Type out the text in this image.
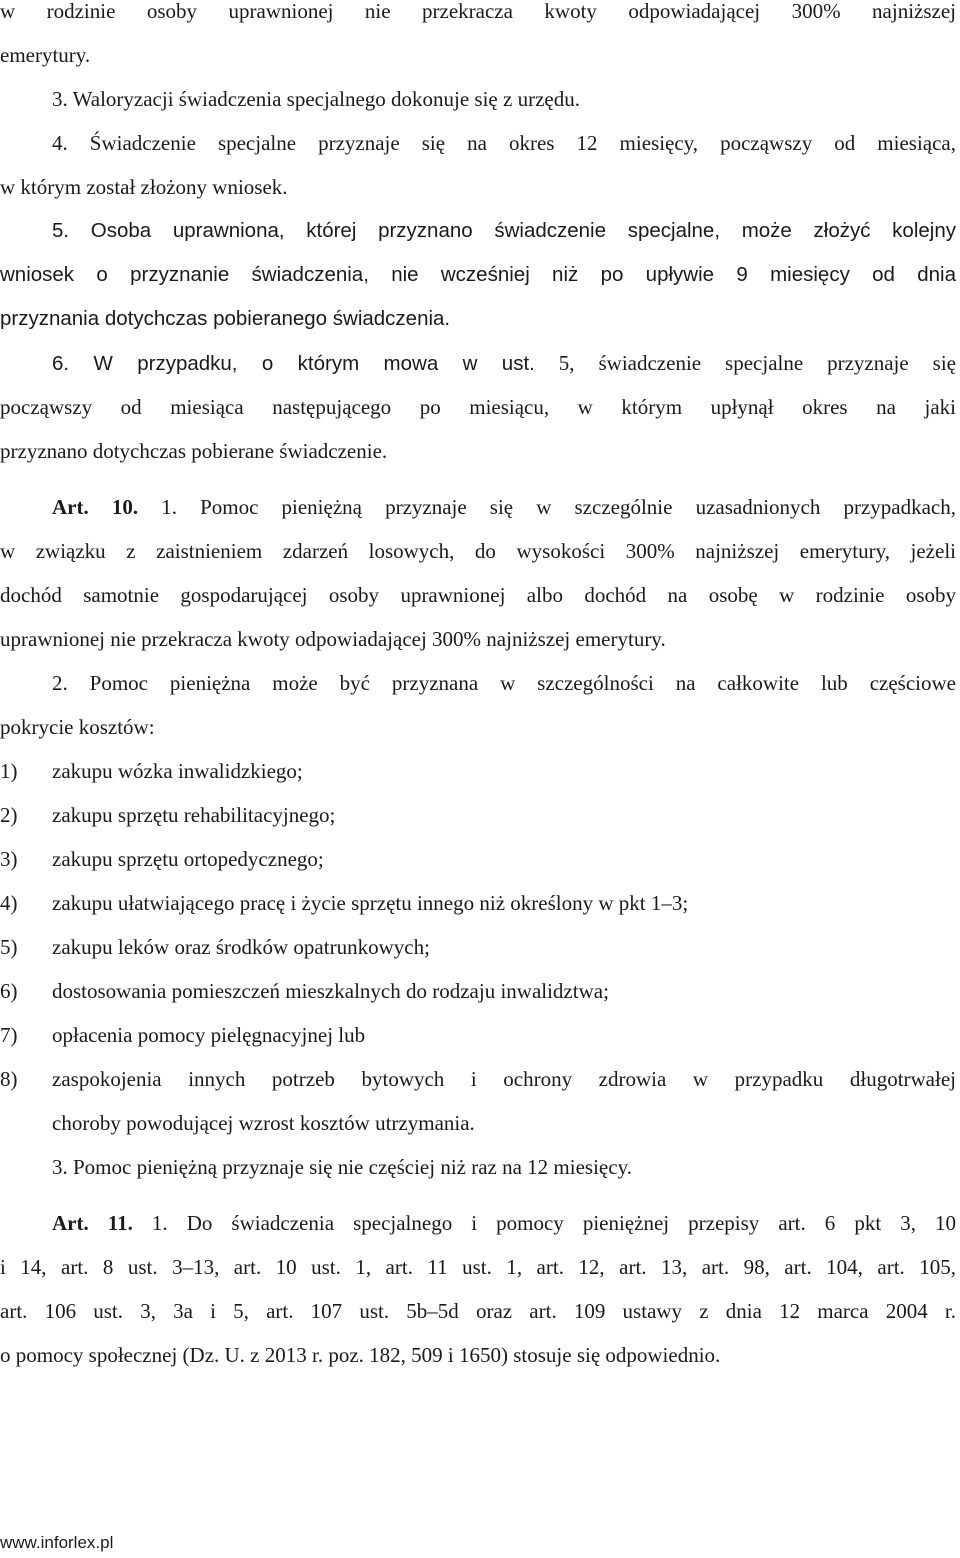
w rodzinie osoby uprawnionej nie przekracza kwoty odpowiadającej 300% najniższej
emerytury.
3. Waloryzacji świadczenia specjalnego dokonuje się z urzędu.
4. Świadczenie specjalne przyznaje się na okres 12 miesięcy, począwszy od miesiąca,
w którym został złożony wniosek.
5. Osoba uprawniona, której przyznano świadczenie specjalne, może złożyć kolejny
wniosek o przyznanie świadczenia, nie wcześniej niż po upływie 9 miesięcy od dnia
przyznania dotychczas pobieranego świadczenia.
6. W przypadku, o którym mowa w ust. 5, świadczenie specjalne przyznaje się
począwszy od miesiąca następującego po miesiącu, w którym upłynął okres na jaki
przyznano dotychczas pobierane świadczenie.
Art. 10. 1. Pomoc pieniężną przyznaje się w szczególnie uzasadnionych przypadkach,
w związku z zaistnieniem zdarzeń losowych, do wysokości 300% najniższej emerytury, jeżeli
dochód samotnie gospodarującej osoby uprawnionej albo dochód na osobę w rodzinie osoby
uprawnionej nie przekracza kwoty odpowiadającej 300% najniższej emerytury.
2. Pomoc pieniężna może być przyznana w szczególności na całkowite lub częściowe
pokrycie kosztów:
1) zakupu wózka inwalidzkiego;
2) zakupu sprzętu rehabilitacyjnego;
3) zakupu sprzętu ortopedycznego;
4) zakupu ułatwiającego pracę i życie sprzętu innego niż określony w pkt 1–3;
5) zakupu leków oraz środków opatrunkowych;
6) dostosowania pomieszczeń mieszkalnych do rodzaju inwalidztwa;
7) opłacenia pomocy pielęgnacyjnej lub
8) zaspokojenia innych potrzeb bytowych i ochrony zdrowia w przypadku długotrwałej
choroby powodującej wzrost kosztów utrzymania.
3. Pomoc pieniężną przyznaje się nie częściej niż raz na 12 miesięcy.
Art. 11. 1. Do świadczenia specjalnego i pomocy pieniężnej przepisy art. 6 pkt 3, 10
i 14, art. 8 ust. 3–13, art. 10 ust. 1, art. 11 ust. 1, art. 12, art. 13, art. 98, art. 104, art. 105,
art. 106 ust. 3, 3a i 5, art. 107 ust. 5b–5d oraz art. 109 ustawy z dnia 12 marca 2004 r.
o pomocy społecznej (Dz. U. z 2013 r. poz. 182, 509 i 1650) stosuje się odpowiednio.
www.inforlex.pl
